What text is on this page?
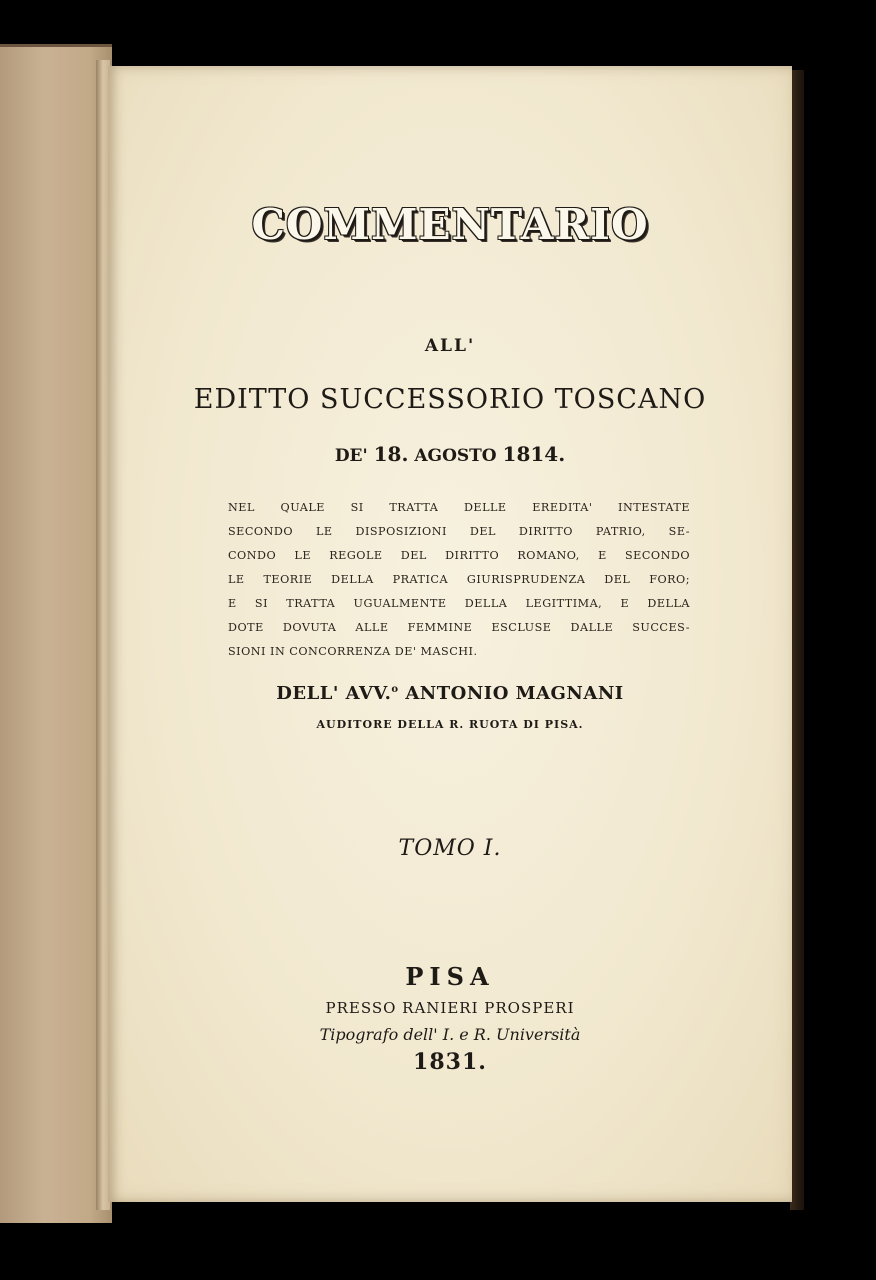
COMMENTARIO
ALL'
EDITTO SUCCESSORIO TOSCANO
DE' 18. AGOSTO 1814.
NEL QUALE SI TRATTA DELLE EREDITA' INTESTATE
SECONDO LE DISPOSIZIONI DEL DIRITTO PATRIO, SE-
CONDO LE REGOLE DEL DIRITTO ROMANO, E SECONDO
LE TEORIE DELLA PRATICA GIURISPRUDENZA DEL FORO;
E SI TRATTA UGUALMENTE DELLA LEGITTIMA, E DELLA
DOTE DOVUTA ALLE FEMMINE ESCLUSE DALLE SUCCES-
SIONI IN CONCORRENZA DE' MASCHI.
DELL' AVV.$^o$ ANTONIO MAGNANI
AUDITORE DELLA R. RUOTA DI PISA.
TOMO I.
PISA
PRESSO RANIERI PROSPERI
Tipografo dell' I. e R. Università
1831.
